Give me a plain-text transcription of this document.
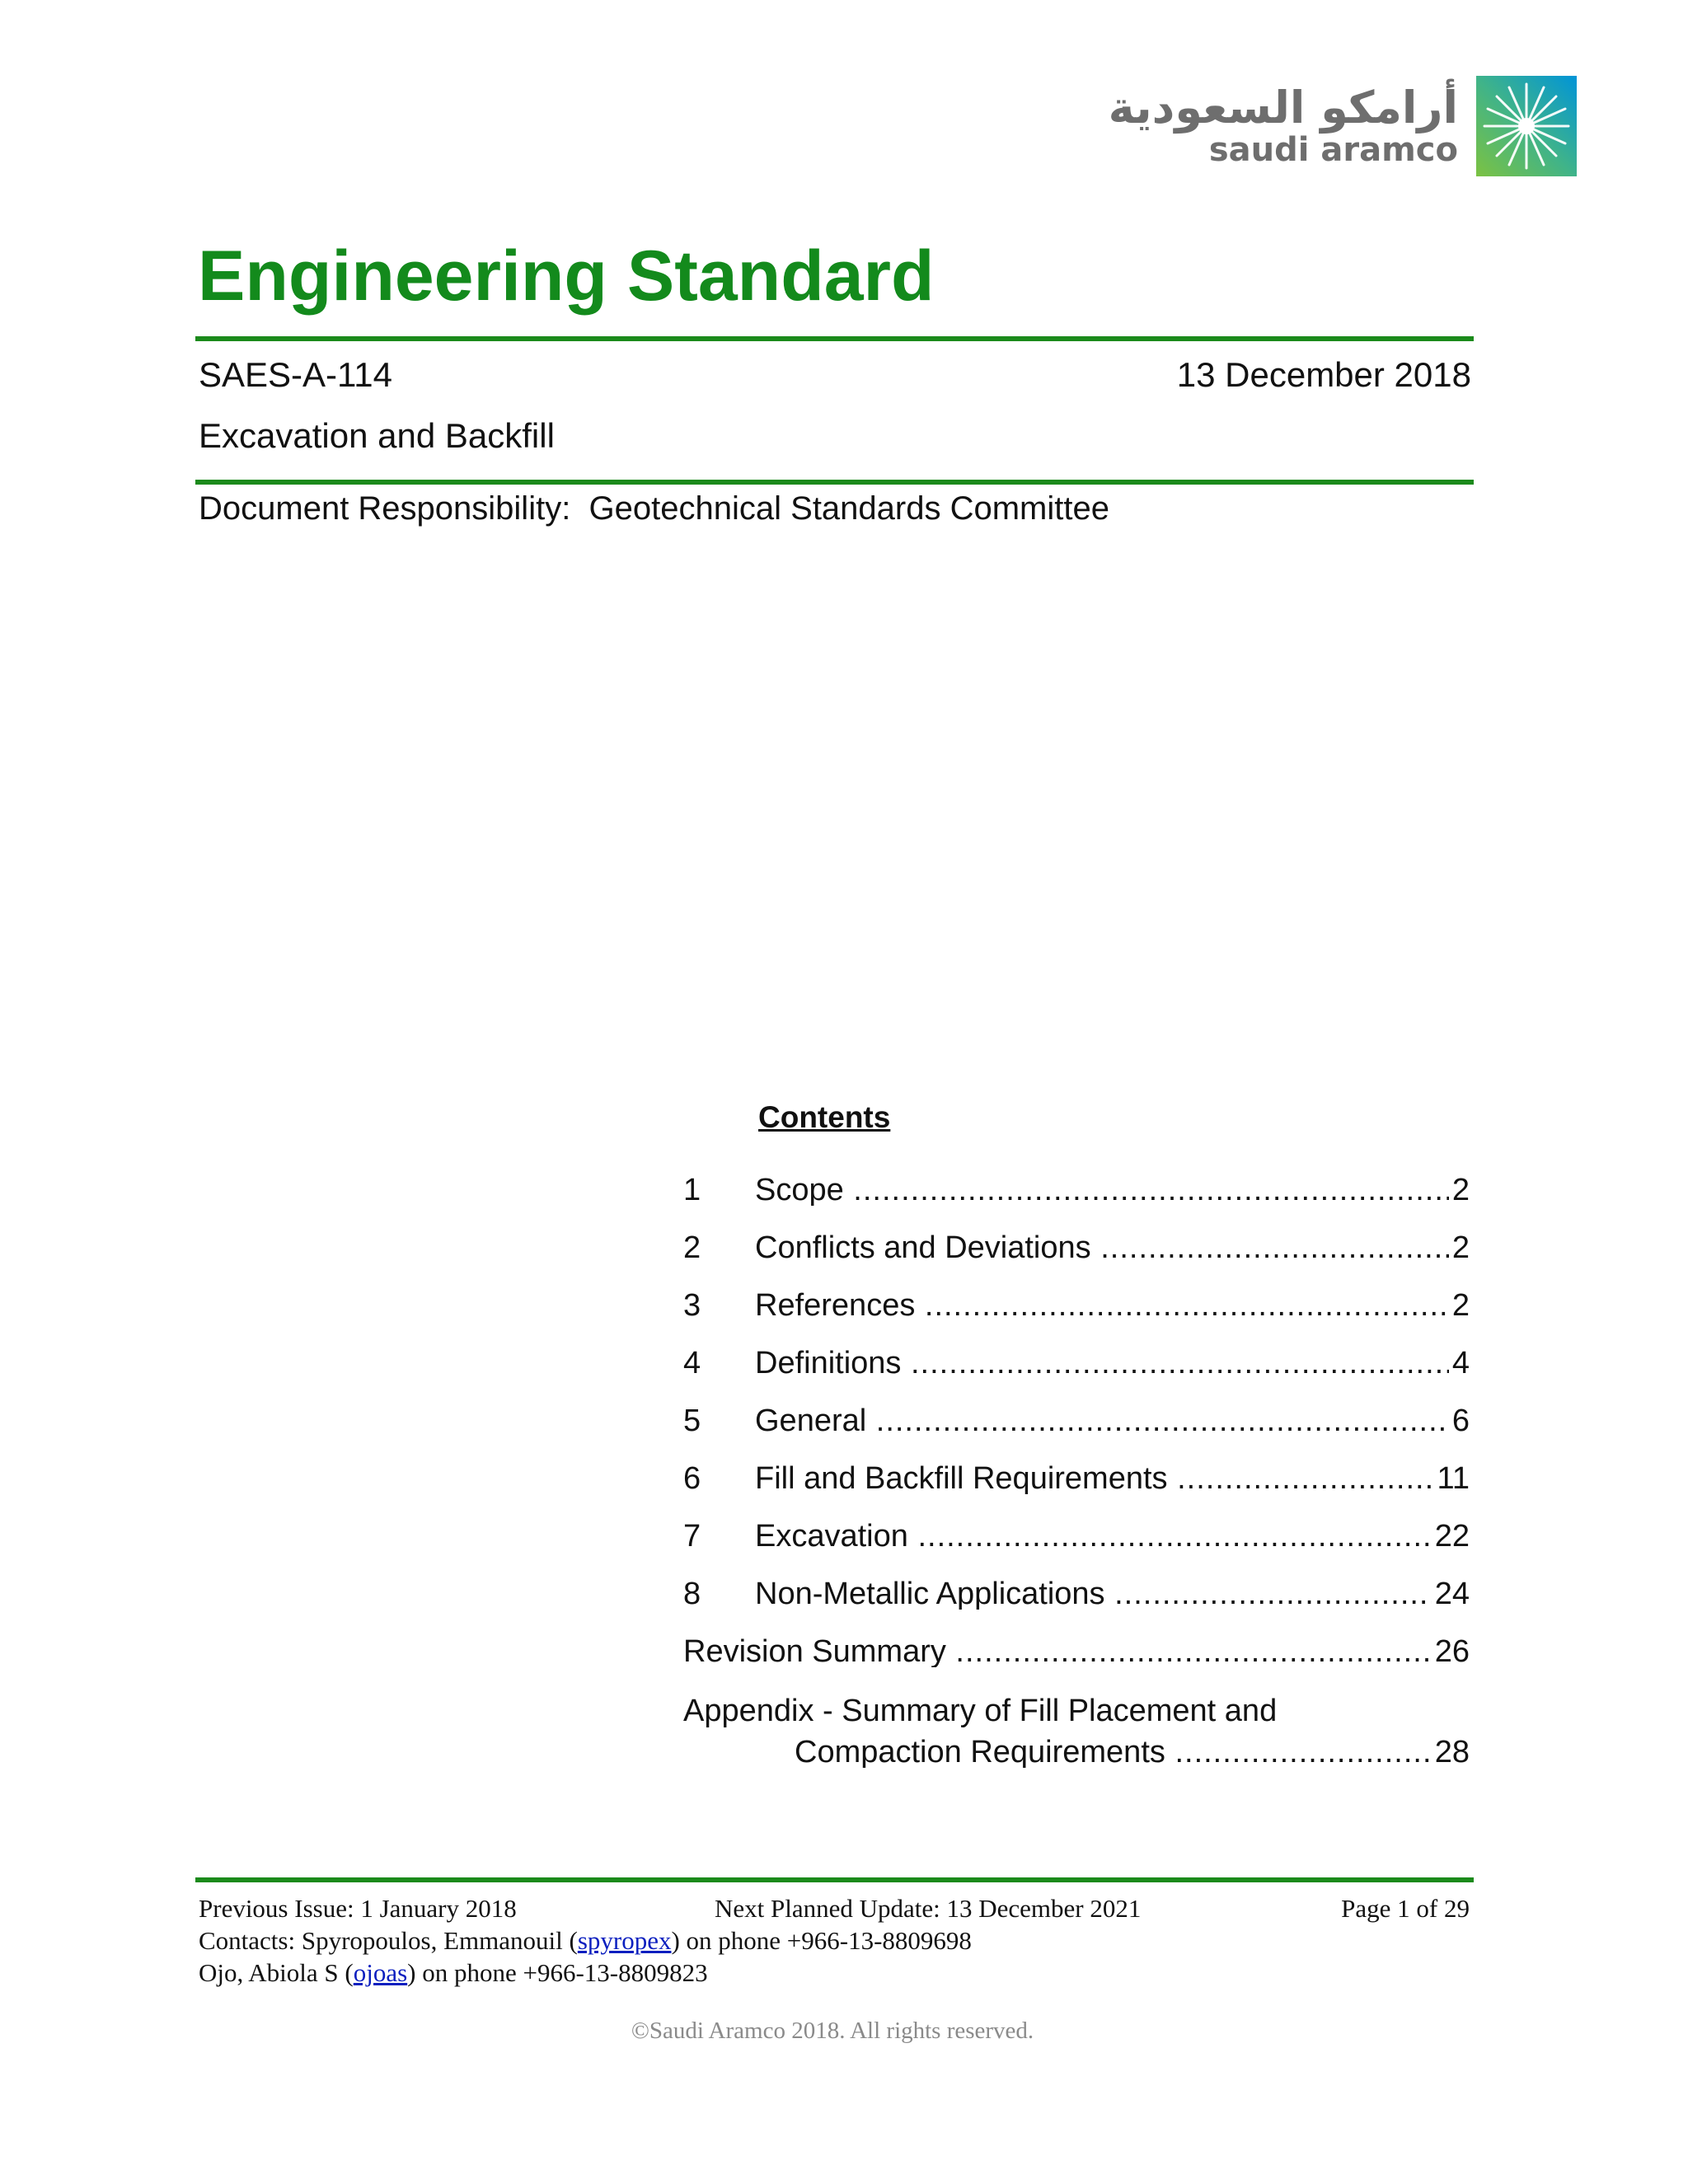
أرامكو السعودية
saudi aramco
Engineering Standard
SAES-A-114	13 December 2018
Excavation and Backfill
Document Responsibility: Geotechnical Standards Committee
Contents
1	Scope .....	2
2	Conflicts and Deviations .....	2
3	References .....	2
4	Definitions .....	4
5	General .....	6
6	Fill and Backfill Requirements .....	11
7	Excavation .....	22
8	Non-Metallic Applications .....	24
Revision Summary .....	26
Appendix - Summary of Fill Placement and
Compaction Requirements .....	28
Previous Issue: 1 January 2018	Next Planned Update: 13 December 2021	Page 1 of 29
Contacts: Spyropoulos, Emmanouil (spyropex) on phone +966-13-8809698
Ojo, Abiola S (ojoas) on phone +966-13-8809823
©Saudi Aramco 2018. All rights reserved.
